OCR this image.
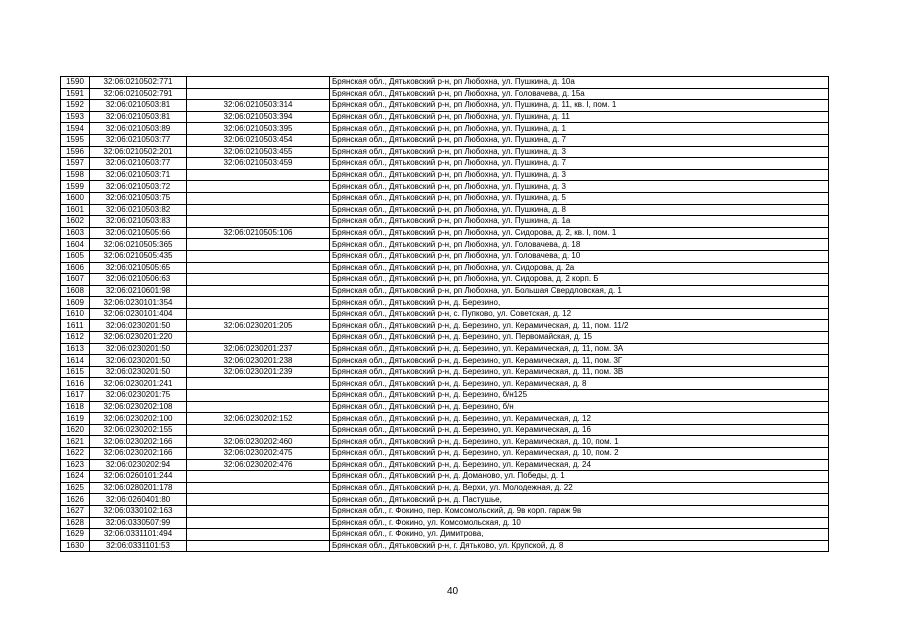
1590	32:06:0210502:771		Брянская обл., Дятьковский р-н, рп Любохна, ул. Пушкина, д. 10а
1591	32:06:0210502:791		Брянская обл., Дятьковский р-н, рп Любохна, ул. Головачева, д. 15а
1592	32:06:0210503:81	32:06:0210503:314	Брянская обл., Дятьковский р-н, рп Любохна, ул. Пушкина, д. 11, кв. I, пом. 1
1593	32:06:0210503:81	32:06:0210503:394	Брянская обл., Дятьковский р-н, рп Любохна, ул. Пушкина, д. 11
1594	32:06:0210503:89	32:06:0210503:395	Брянская обл., Дятьковский р-н, рп Любохна, ул. Пушкина, д. 1
1595	32:06:0210503:77	32:06:0210503:454	Брянская обл., Дятьковский р-н, рп Любохна, ул. Пушкина, д. 7
1596	32:06:0210502:201	32:06:0210503:455	Брянская обл., Дятьковский р-н, рп Любохна, ул. Пушкина, д. 3
1597	32:06:0210503:77	32:06:0210503:459	Брянская обл., Дятьковский р-н, рп Любохна, ул. Пушкина, д. 7
1598	32:06:0210503:71		Брянская обл., Дятьковский р-н, рп Любохна, ул. Пушкина, д. 3
1599	32:06:0210503:72		Брянская обл., Дятьковский р-н, рп Любохна, ул. Пушкина, д. 3
1600	32:06:0210503:75		Брянская обл., Дятьковский р-н, рп Любохна, ул. Пушкина, д. 5
1601	32:06:0210503:82		Брянская обл., Дятьковский р-н, рп Любохна, ул. Пушкина, д. 8
1602	32:06:0210503:83		Брянская обл., Дятьковский р-н, рп Любохна, ул. Пушкина, д. 1а
1603	32:06:0210505:66	32:06:0210505:106	Брянская обл., Дятьковский р-н, рп Любохна, ул. Сидорова, д. 2, кв. I, пом. 1
1604	32:06:0210505:365		Брянская обл., Дятьковский р-н, рп Любохна, ул. Головачева, д. 18
1605	32:06:0210505:435		Брянская обл., Дятьковский р-н, рп Любохна, ул. Головачева, д. 10
1606	32:06:0210505:65		Брянская обл., Дятьковский р-н, рп Любохна, ул. Сидорова, д. 2а
1607	32:06:0210506:63		Брянская обл., Дятьковский р-н, рп Любохна, ул. Сидорова, д. 2 корп. Б
1608	32:06:0210601:98		Брянская обл., Дятьковский р-н, рп Любохна, ул. Большая Свердловская, д. 1
1609	32:06:0230101:354		Брянская обл., Дятьковский р-н, д. Березино,
1610	32:06:0230101:404		Брянская обл., Дятьковский р-н, с. Пупково, ул. Советская, д. 12
1611	32:06:0230201:50	32:06:0230201:205	Брянская обл., Дятьковский р-н, д. Березино, ул. Керамическая, д. 11, пом. 11/2
1612	32:06:0230201:220		Брянская обл., Дятьковский р-н, д. Березино, ул. Первомайская, д. 15
1613	32:06:0230201:50	32:06:0230201:237	Брянская обл., Дятьковский р-н, д. Березино, ул. Керамическая, д. 11, пом. 3А
1614	32:06:0230201:50	32:06:0230201:238	Брянская обл., Дятьковский р-н, д. Березино, ул. Керамическая, д. 11, пом. 3Г
1615	32:06:0230201:50	32:06:0230201:239	Брянская обл., Дятьковский р-н, д. Березино, ул. Керамическая, д. 11, пом. 3В
1616	32:06:0230201:241		Брянская обл., Дятьковский р-н, д. Березино, ул. Керамическая, д. 8
1617	32:06:0230201:75		Брянская обл., Дятьковский р-н, д. Березино, б/н125
1618	32:06:0230202:108		Брянская обл., Дятьковский р-н, д. Березино, б/н
1619	32:06:0230202:100	32:06:0230202:152	Брянская обл., Дятьковский р-н, д. Березино, ул. Керамическая, д. 12
1620	32:06:0230202:155		Брянская обл., Дятьковский р-н, д. Березино, ул. Керамическая, д. 16
1621	32:06:0230202:166	32:06:0230202:460	Брянская обл., Дятьковский р-н, д. Березино, ул. Керамическая, д. 10, пом. 1
1622	32:06:0230202:166	32:06:0230202:475	Брянская обл., Дятьковский р-н, д. Березино, ул. Керамическая, д. 10, пом. 2
1623	32:06:0230202:94	32:06:0230202:476	Брянская обл., Дятьковский р-н, д. Березино, ул. Керамическая, д. 24
1624	32:06:0260101:244		Брянская обл., Дятьковский р-н, д. Доманово, ул. Победы, д. 1
1625	32:06:0280201:178		Брянская обл., Дятьковский р-н, д. Верхи, ул. Молодежная, д. 22
1626	32:06:0260401:80		Брянская обл., Дятьковский р-н, д. Пастушье,
1627	32:06:0330102:163		Брянская обл., г. Фокино, пер. Комсомольский, д. 9в корп. гараж 9в
1628	32:06:0330507:99		Брянская обл., г. Фокино, ул. Комсомольская, д. 10
1629	32:06:0331101:494		Брянская обл., г. Фокино, ул. Димитрова,
1630	32:06:0331101:53		Брянская обл., Дятьковский р-н, г. Дятьково, ул. Крупской, д. 8
40
